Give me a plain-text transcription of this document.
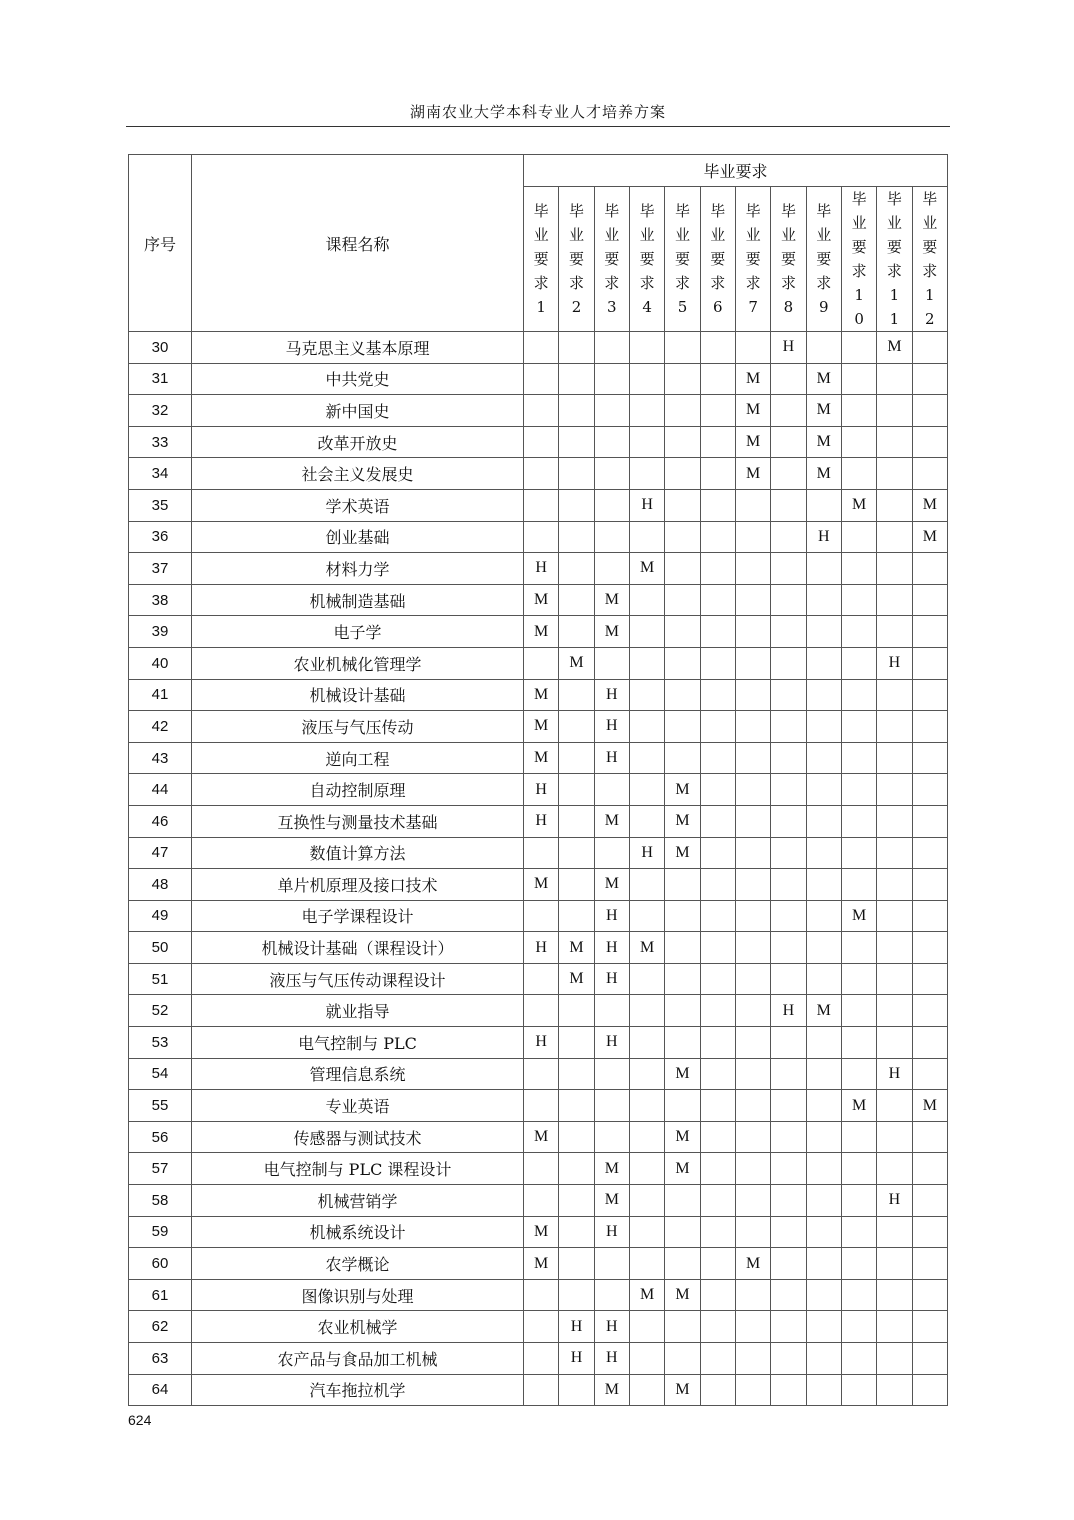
湖南农业大学本科专业人才培养方案
序号	课程名称	毕业要求											
		毕业要求1	毕业要求2	毕业要求3	毕业要求4	毕业要求5	毕业要求6	毕业要求7	毕业要求8	毕业要求9	毕业要求10	毕业要求11	毕业要求12
30	马克思主义基本原理								H			M	
31	中共党史							M		M			
32	新中国史							M		M			
33	改革开放史							M		M			
34	社会主义发展史							M		M			
35	学术英语				H						M		M
36	创业基础									H			M
37	材料力学	H			M								
38	机械制造基础	M		M									
39	电子学	M		M									
40	农业机械化管理学		M									H	
41	机械设计基础	M		H									
42	液压与气压传动	M		H									
43	逆向工程	M		H									
44	自动控制原理	H				M							
46	互换性与测量技术基础	H		M		M							
47	数值计算方法				H	M							
48	单片机原理及接口技术	M		M									
49	电子学课程设计			H							M		
50	机械设计基础（课程设计）	H	M	H	M								
51	液压与气压传动课程设计		M	H									
52	就业指导								H	M			
53	电气控制与 PLC	H		H									
54	管理信息系统					M						H	
55	专业英语										M		M
56	传感器与测试技术	M				M							
57	电气控制与 PLC 课程设计			M		M							
58	机械营销学			M								H	
59	机械系统设计	M		H									
60	农学概论	M						M					
61	图像识别与处理				M	M							
62	农业机械学		H	H									
63	农产品与食品加工机械		H	H									
64	汽车拖拉机学			M		M							
624
